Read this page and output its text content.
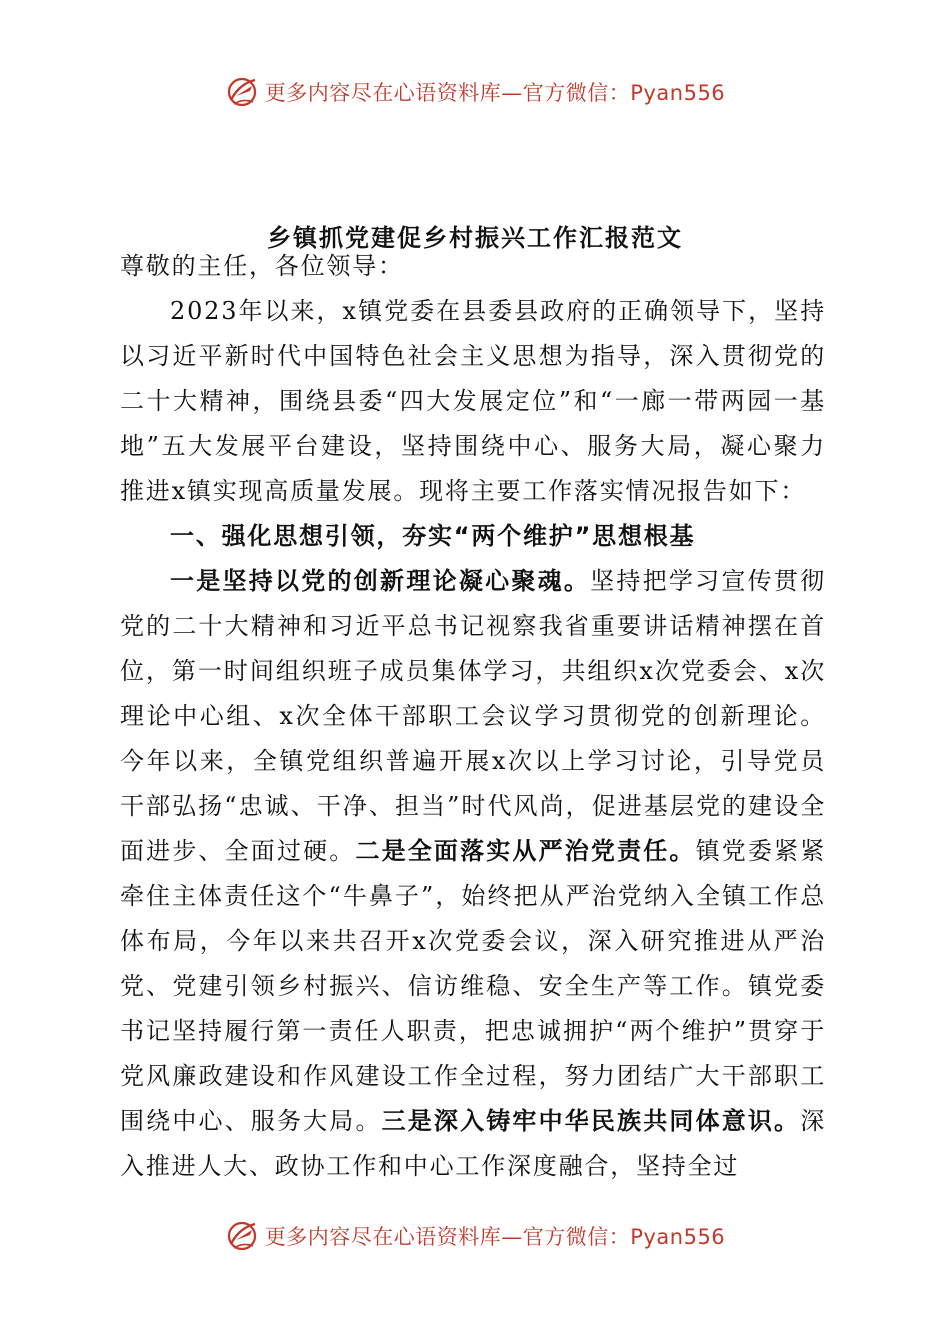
更多内容尽在心语资料库—官方微信：Pyan556
乡镇抓党建促乡村振兴工作汇报范文

尊敬的主任，各位领导：

2023年以来，x镇党委在县委县政府的正确领导下，坚持以习近平新时代中国特色社会主义思想为指导，深入贯彻党的二十大精神，围绕县委“四大发展定位”和“一廊一带两园一基地”五大发展平台建设，坚持围绕中心、服务大局，凝心聚力推进x镇实现高质量发展。现将主要工作落实情况报告如下：

一、强化思想引领，夯实“两个维护”思想根基

一是坚持以党的创新理论凝心聚魂。坚持把学习宣传贯彻党的二十大精神和习近平总书记视察我省重要讲话精神摆在首位，第一时间组织班子成员集体学习，共组织x次党委会、x次理论中心组、x次全体干部职工会议学习贯彻党的创新理论。今年以来，全镇党组织普遍开展x次以上学习讨论，引导党员干部弘扬“忠诚、干净、担当”时代风尚，促进基层党的建设全面进步、全面过硬。二是全面落实从严治党责任。镇党委紧紧牵住主体责任这个“牛鼻子”，始终把从严治党纳入全镇工作总体布局，今年以来共召开x次党委会议，深入研究推进从严治党、党建引领乡村振兴、信访维稳、安全生产等工作。镇党委书记坚持履行第一责任人职责，把忠诚拥护“两个维护”贯穿于党风廉政建设和作风建设工作全过程，努力团结广大干部职工围绕中心、服务大局。三是深入铸牢中华民族共同体意识。深入推进人大、政协工作和中心工作深度融合，坚持全过

更多内容尽在心语资料库—官方微信：Pyan556
